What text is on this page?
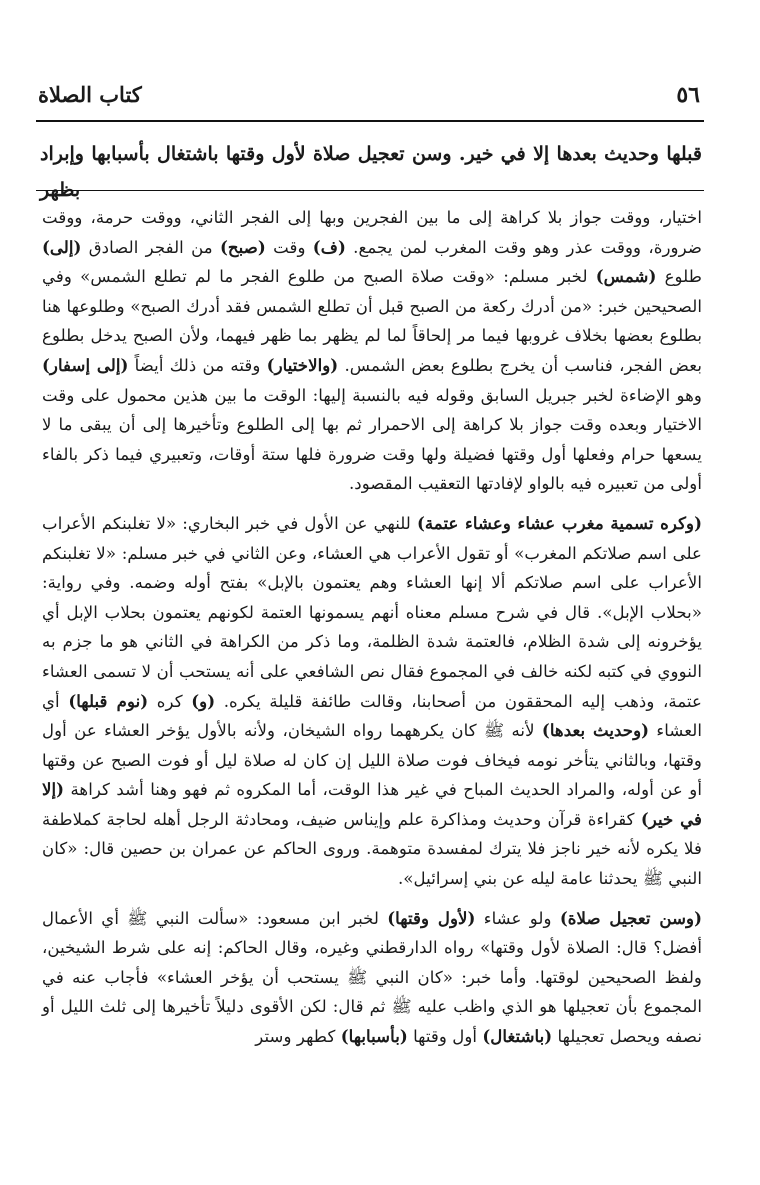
٥٦
كتاب الصلاة
قبلها وحديث بعدها إلا في خير. وسن تعجيل صلاة لأول وقتها باشتغال بأسبابها وإبراد بظهر

اختيار، ووقت جواز بلا كراهة إلى ما بين الفجرين وبها إلى الفجر الثاني، ووقت حرمة، ووقت ضرورة، ووقت عذر وهو وقت المغرب لمن يجمع. (ف) وقت (صبح) من الفجر الصادق (إلى) طلوع (شمس) لخبر مسلم: «وقت صلاة الصبح من طلوع الفجر ما لم تطلع الشمس» وفي الصحيحين خبر: «من أدرك ركعة من الصبح قبل أن تطلع الشمس فقد أدرك الصبح» وطلوعها هنا بطلوع بعضها بخلاف غروبها فيما مر إلحاقاً لما لم يظهر بما ظهر فيهما، ولأن الصبح يدخل بطلوع بعض الفجر، فناسب أن يخرج بطلوع بعض الشمس. (والاختيار) وقته من ذلك أيضاً (إلى إسفار) وهو الإضاءة لخبر جبريل السابق وقوله فيه بالنسبة إليها: الوقت ما بين هذين محمول على وقت الاختيار وبعده وقت جواز بلا كراهة إلى الاحمرار ثم بها إلى الطلوع وتأخيرها إلى أن يبقى ما لا يسعها حرام وفعلها أول وقتها فضيلة ولها وقت ضرورة فلها ستة أوقات، وتعبيري فيما ذكر بالفاء أولى من تعبيره فيه بالواو لإفادتها التعقيب المقصود.

(وكره تسمية مغرب عشاء وعشاء عتمة) للنهي عن الأول في خبر البخاري: «لا تغلبنكم الأعراب على اسم صلاتكم المغرب» أو تقول الأعراب هي العشاء، وعن الثاني في خبر مسلم: «لا تغلبنكم الأعراب على اسم صلاتكم ألا إنها العشاء وهم يعتمون بالإبل» بفتح أوله وضمه. وفي رواية: «بحلاب الإبل». قال في شرح مسلم معناه أنهم يسمونها العتمة لكونهم يعتمون بحلاب الإبل أي يؤخرونه إلى شدة الظلام، فالعتمة شدة الظلمة، وما ذكر من الكراهة في الثاني هو ما جزم به النووي في كتبه لكنه خالف في المجموع فقال نص الشافعي على أنه يستحب أن لا تسمى العشاء عتمة، وذهب إليه المحققون من أصحابنا، وقالت طائفة قليلة يكره. (و) كره (نوم قبلها) أي العشاء (وحديث بعدها) لأنه ﷺ كان يكرههما رواه الشيخان، ولأنه بالأول يؤخر العشاء عن أول وقتها، وبالثاني يتأخر نومه فيخاف فوت صلاة الليل إن كان له صلاة ليل أو فوت الصبح عن وقتها أو عن أوله، والمراد الحديث المباح في غير هذا الوقت، أما المكروه ثم فهو وهنا أشد كراهة (إلا في خير) كقراءة قرآن وحديث ومذاكرة علم وإيناس ضيف، ومحادثة الرجل أهله لحاجة كملاطفة فلا يكره لأنه خير ناجز فلا يترك لمفسدة متوهمة. وروى الحاكم عن عمران بن حصين قال: «كان النبي ﷺ يحدثنا عامة ليله عن بني إسرائيل».

(وسن تعجيل صلاة) ولو عشاء (لأول وقتها) لخبر ابن مسعود: «سألت النبي ﷺ أي الأعمال أفضل؟ قال: الصلاة لأول وقتها» رواه الدارقطني وغيره، وقال الحاكم: إنه على شرط الشيخين، ولفظ الصحيحين لوقتها. وأما خبر: «كان النبي ﷺ يستحب أن يؤخر العشاء» فأجاب عنه في المجموع بأن تعجيلها هو الذي واظب عليه ﷺ ثم قال: لكن الأقوى دليلاً تأخيرها إلى ثلث الليل أو نصفه ويحصل تعجيلها (باشتغال) أول وقتها (بأسبابها) كطهر وستر
